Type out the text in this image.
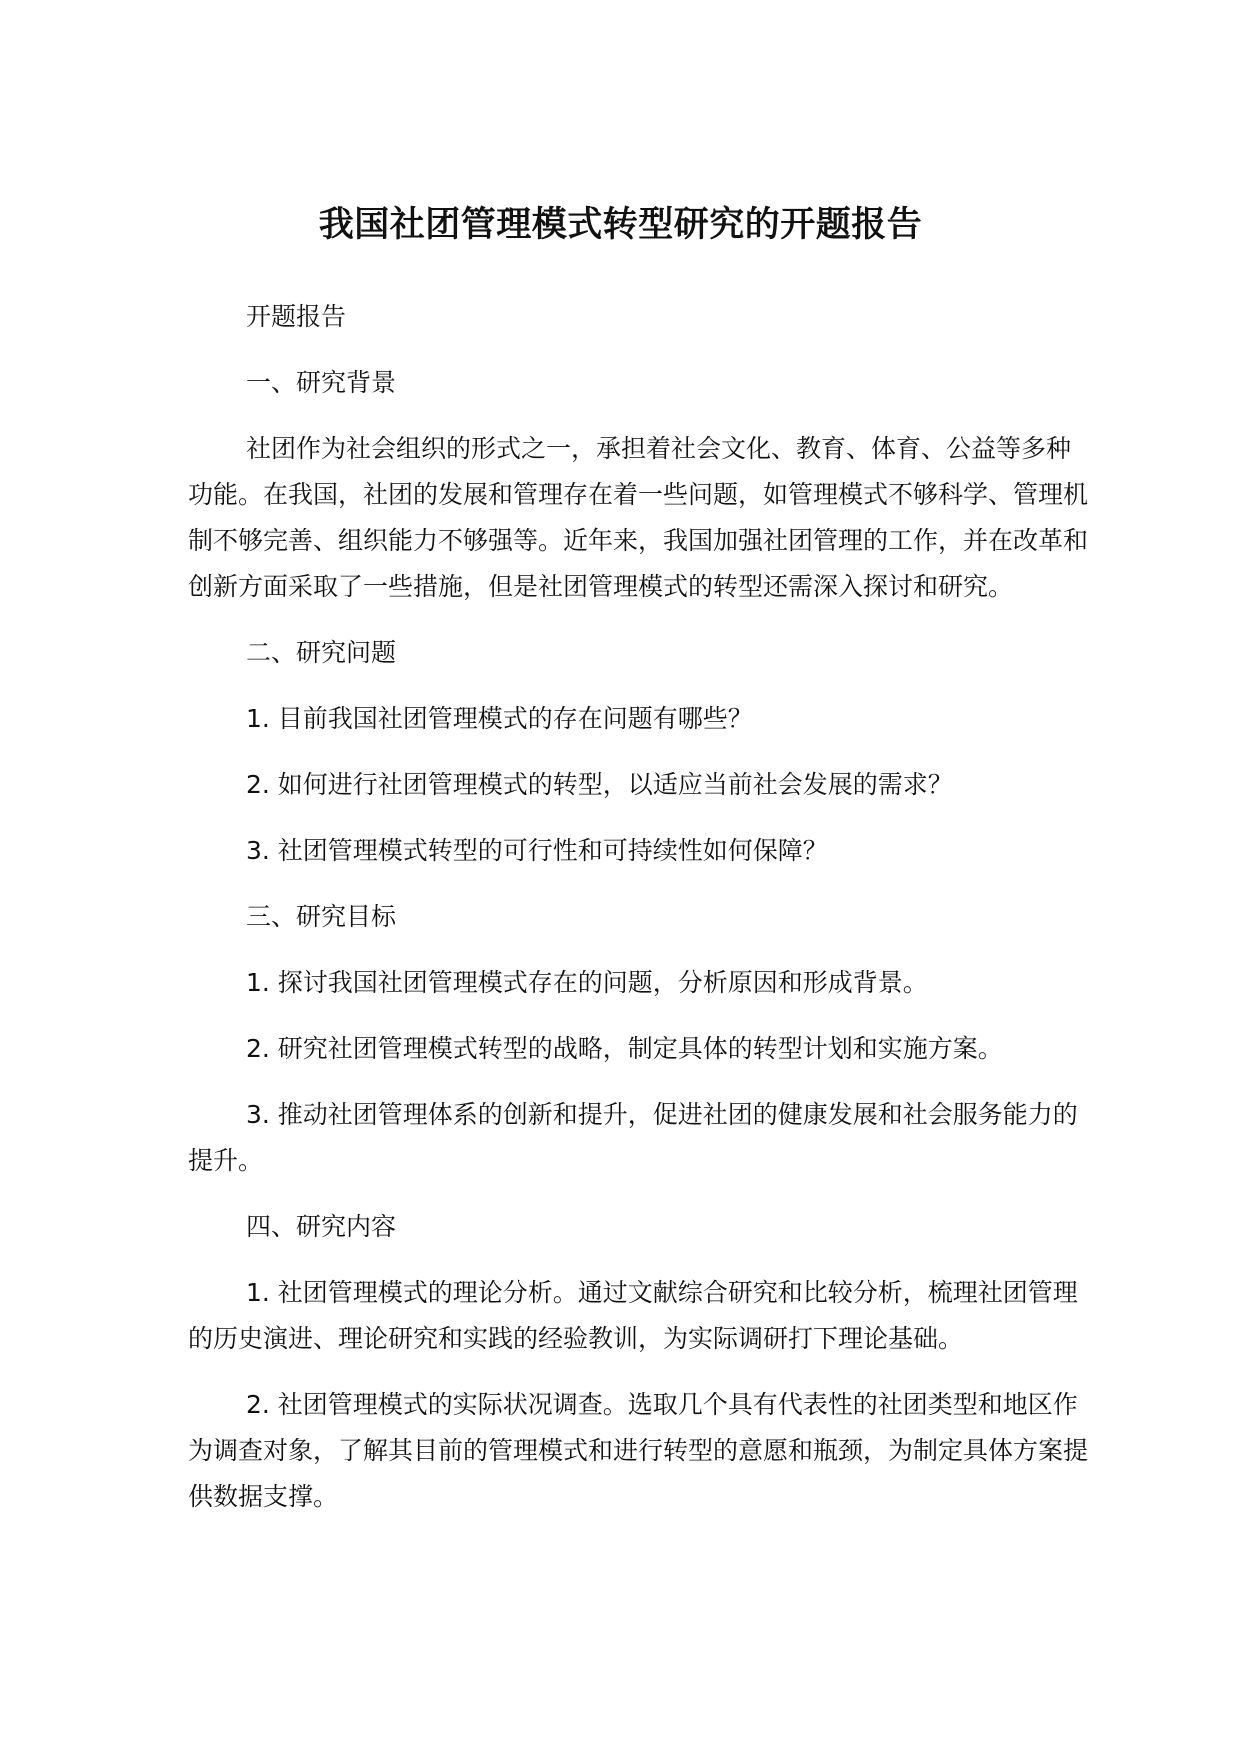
我国社团管理模式转型研究的开题报告

开题报告

一、研究背景

社团作为社会组织的形式之一，承担着社会文化、教育、体育、公益等多种功能。在我国，社团的发展和管理存在着一些问题，如管理模式不够科学、管理机制不够完善、组织能力不够强等。近年来，我国加强社团管理的工作，并在改革和创新方面采取了一些措施，但是社团管理模式的转型还需深入探讨和研究。

二、研究问题

1. 目前我国社团管理模式的存在问题有哪些？

2. 如何进行社团管理模式的转型，以适应当前社会发展的需求？

3. 社团管理模式转型的可行性和可持续性如何保障？

三、研究目标

1. 探讨我国社团管理模式存在的问题，分析原因和形成背景。

2. 研究社团管理模式转型的战略，制定具体的转型计划和实施方案。

3. 推动社团管理体系的创新和提升，促进社团的健康发展和社会服务能力的提升。

四、研究内容

1. 社团管理模式的理论分析。通过文献综合研究和比较分析，梳理社团管理的历史演进、理论研究和实践的经验教训，为实际调研打下理论基础。

2. 社团管理模式的实际状况调查。选取几个具有代表性的社团类型和地区作为调查对象，了解其目前的管理模式和进行转型的意愿和瓶颈，为制定具体方案提供数据支撑。
